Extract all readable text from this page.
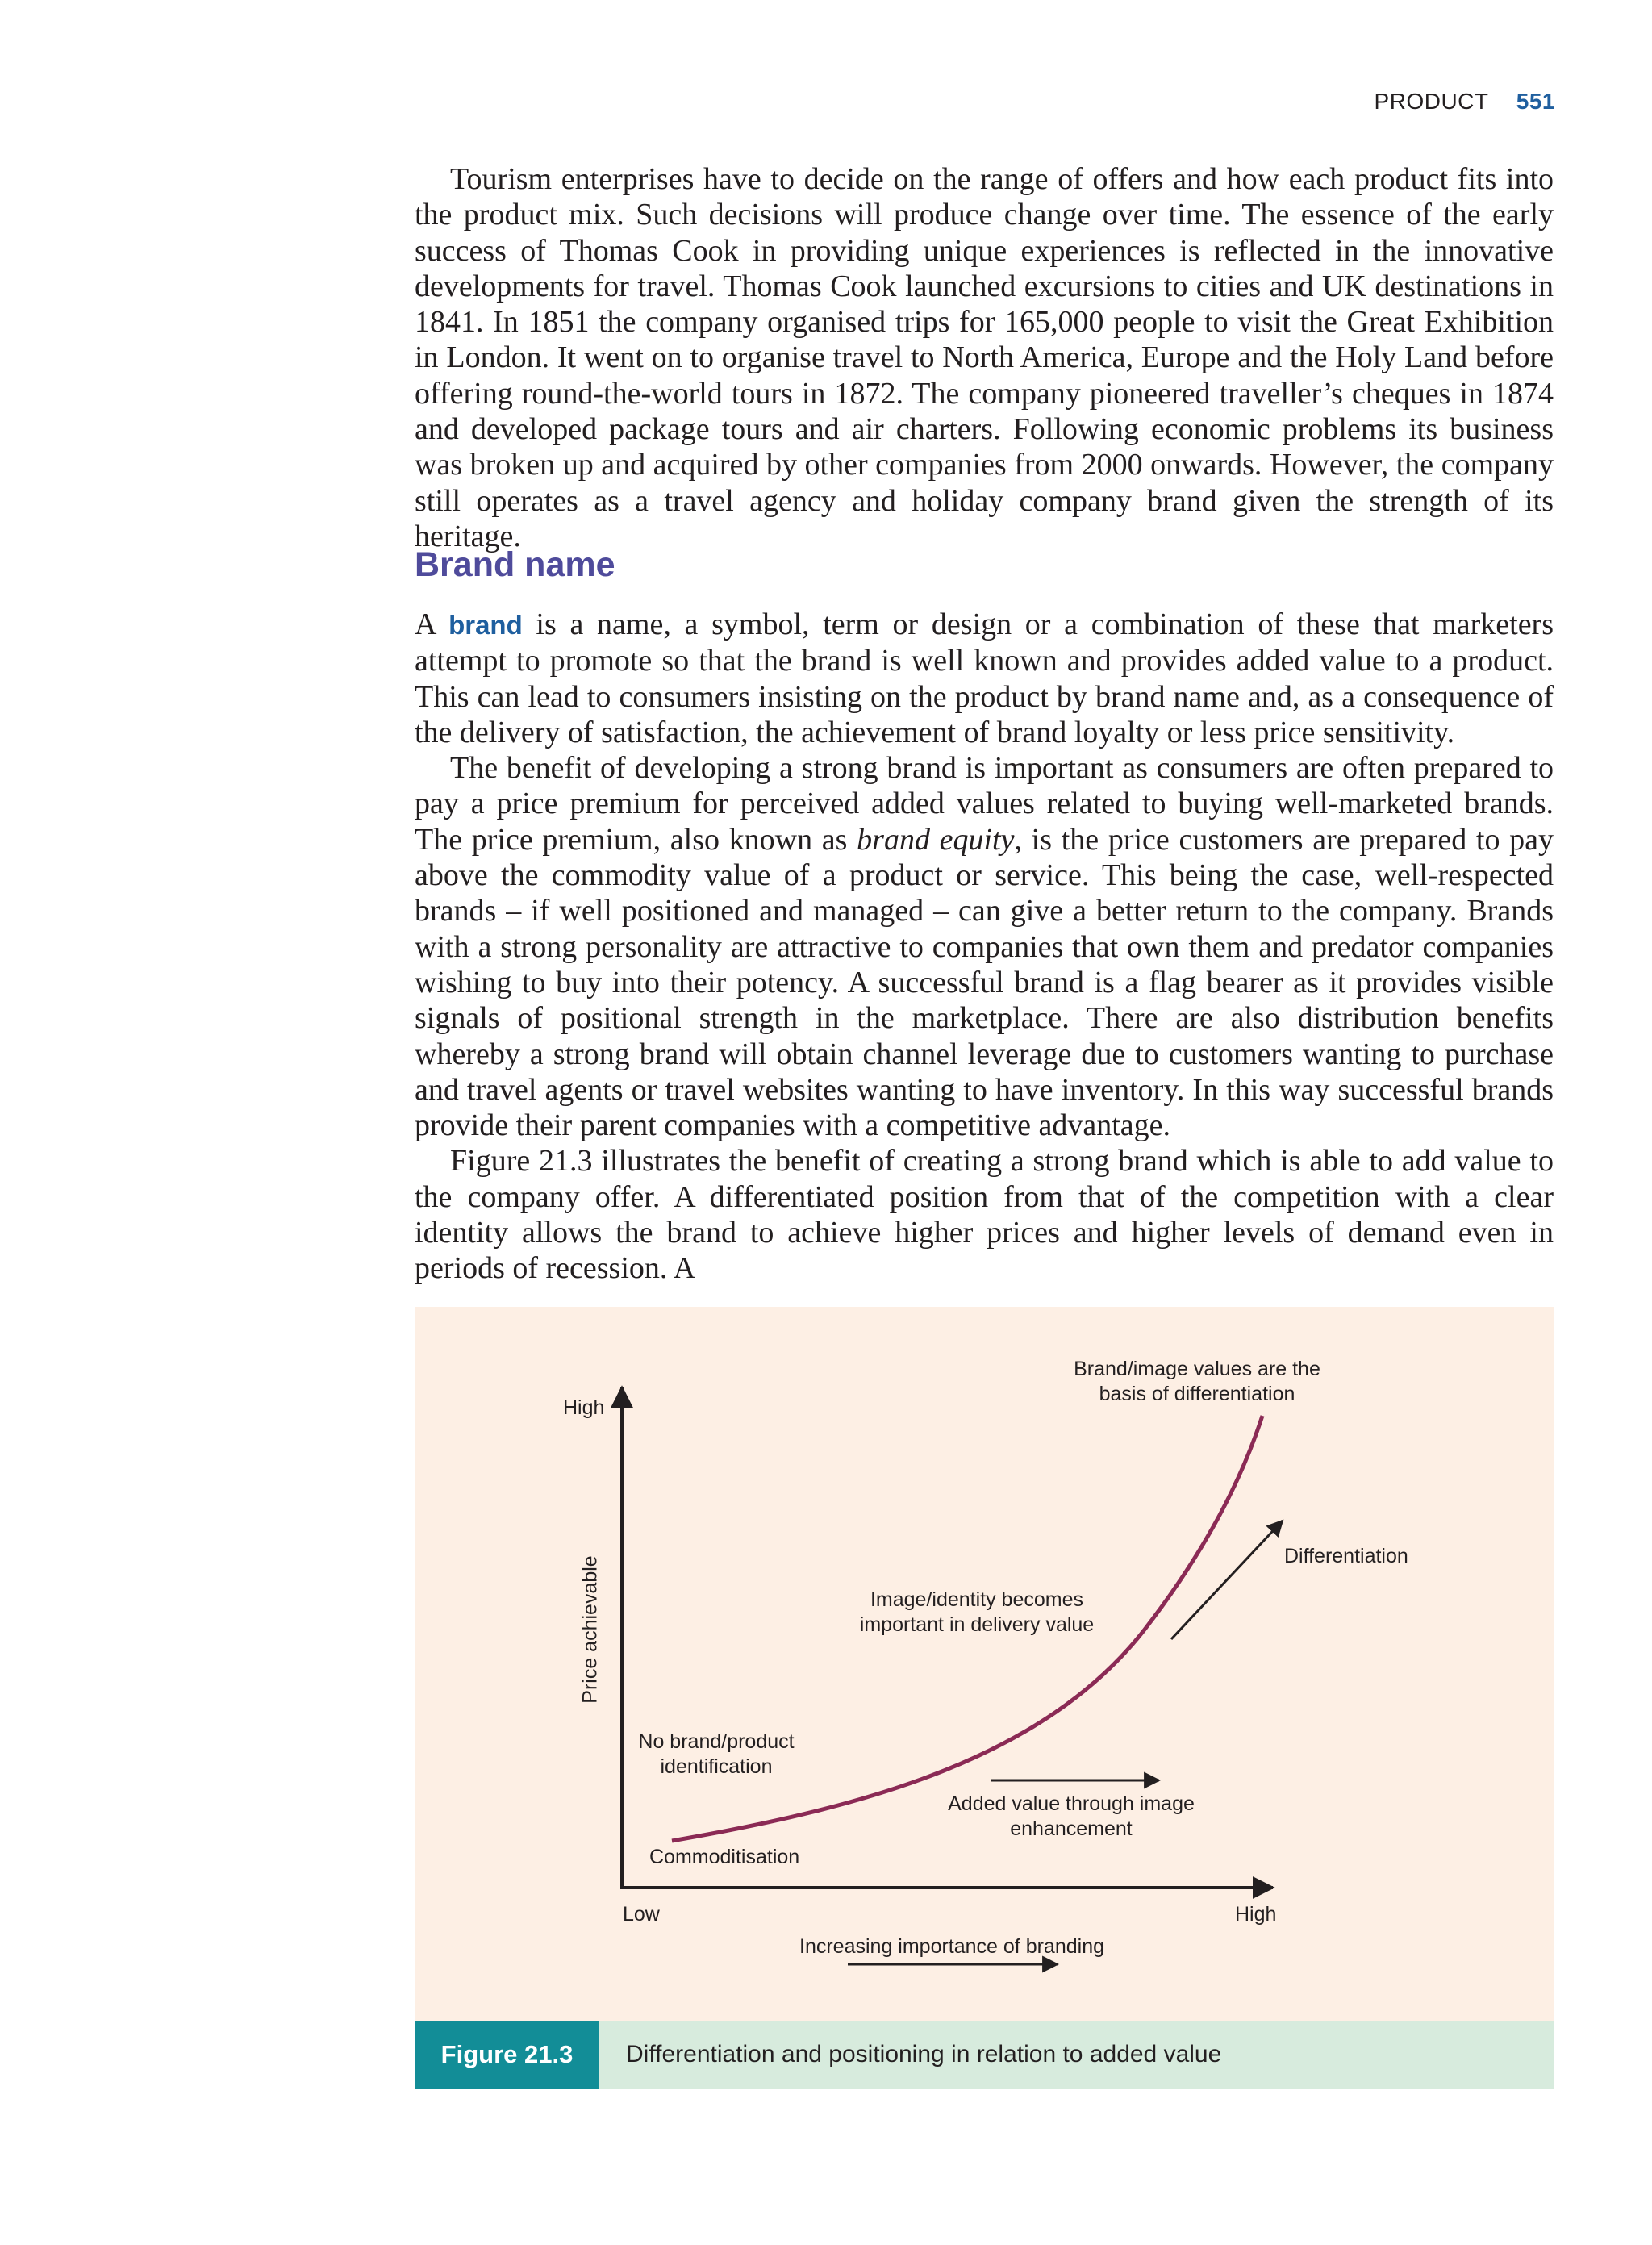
PRODUCT 551

Tourism enterprises have to decide on the range of offers and how each product fits into the product mix. Such decisions will produce change over time. The essence of the early success of Thomas Cook in providing unique experiences is reflected in the innovative developments for travel. Thomas Cook launched excursions to cities and UK destinations in 1841. In 1851 the company organised trips for 165,000 people to visit the Great Exhibition in London. It went on to organise travel to North America, Europe and the Holy Land before offering round-the-world tours in 1872. The company pioneered traveller’s cheques in 1874 and developed package tours and air charters. Following economic problems its business was broken up and acquired by other companies from 2000 onwards. However, the company still operates as a travel agency and holiday company brand given the strength of its heritage.

Brand name

A brand is a name, a symbol, term or design or a combination of these that marketers attempt to promote so that the brand is well known and provides added value to a product. This can lead to consumers insisting on the product by brand name and, as a consequence of the delivery of satisfaction, the achievement of brand loyalty or less price sensitivity.

The benefit of developing a strong brand is important as consumers are often prepared to pay a price premium for perceived added values related to buying well-marketed brands. The price premium, also known as brand equity, is the price customers are prepared to pay above the commodity value of a product or service. This being the case, well-respected brands – if well positioned and managed – can give a better return to the company. Brands with a strong personality are attractive to companies that own them and predator companies wishing to buy into their potency. A successful brand is a flag bearer as it provides visible signals of positional strength in the marketplace. There are also distribution benefits whereby a strong brand will obtain channel leverage due to customers wanting to purchase and travel agents or travel websites wanting to have inventory. In this way successful brands provide their parent companies with a competitive advantage.

Figure 21.3 illustrates the benefit of creating a strong brand which is able to add value to the company offer. A differentiated position from that of the competition with a clear identity allows the brand to achieve higher prices and higher levels of demand even in periods of recession. A

Price achievable
High
Low	High
Increasing importance of branding
Brand/image values are the
basis of differentiation
Differentiation
Image/identity becomes
important in delivery value
No brand/product
identification
Added value through image
enhancement
Commoditisation
Figure 21.3	Differentiation and positioning in relation to added value
